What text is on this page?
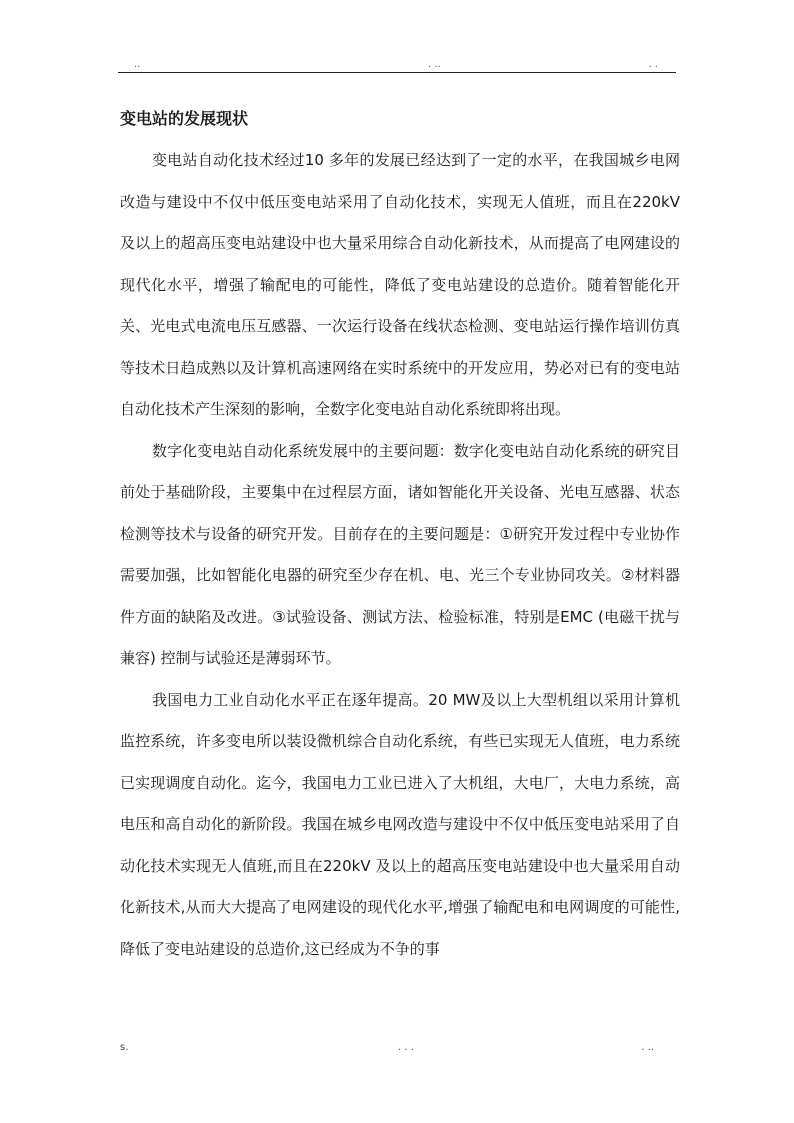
..	. ..	. .
变电站的发展现状

变电站自动化技术经过10 多年的发展已经达到了一定的水平，在我国城乡电网改造与建设中不仅中低压变电站采用了自动化技术，实现无人值班，而且在220kV 及以上的超高压变电站建设中也大量采用综合自动化新技术，从而提高了电网建设的现代化水平，增强了输配电的可能性，降低了变电站建设的总造价。随着智能化开关、光电式电流电压互感器、一次运行设备在线状态检测、变电站运行操作培训仿真等技术日趋成熟以及计算机高速网络在实时系统中的开发应用，势必对已有的变电站自动化技术产生深刻的影响，全数字化变电站自动化系统即将出现。

数字化变电站自动化系统发展中的主要问题：数字化变电站自动化系统的研究目前处于基础阶段，主要集中在过程层方面，诸如智能化开关设备、光电互感器、状态检测等技术与设备的研究开发。目前存在的主要问题是：①研究开发过程中专业协作需要加强，比如智能化电器的研究至少存在机、电、光三个专业协同攻关。②材料器件方面的缺陷及改进。③试验设备、测试方法、检验标准，特别是EMC (电磁干扰与兼容) 控制与试验还是薄弱环节。

我国电力工业自动化水平正在逐年提高。20 MW及以上大型机组以采用计算机监控系统，许多变电所以装设微机综合自动化系统，有些已实现无人值班，电力系统已实现调度自动化。迄今，我国电力工业已进入了大机组，大电厂，大电力系统，高电压和高自动化的新阶段。我国在城乡电网改造与建设中不仅中低压变电站采用了自动化技术实现无人值班,而且在220kV 及以上的超高压变电站建设中也大量采用自动化新技术,从而大大提高了电网建设的现代化水平,增强了输配电和电网调度的可能性,降低了变电站建设的总造价,这已经成为不争的事

s.	. . .	. ..
